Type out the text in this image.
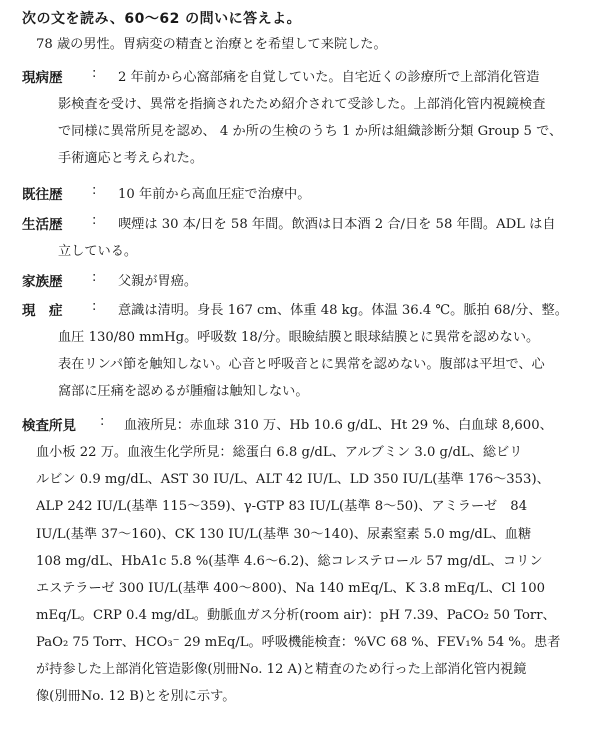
次の文を読み、60〜62 の問いに答えよ。
78 歳の男性。胃病変の精査と治療とを希望して来院した。
現病歴 : 2 年前から心窩部痛を自覚していた。自宅近くの診療所で上部消化管造
影検査を受け、異常を指摘されたため紹介されて受診した。上部消化管内視鏡検査
で同様に異常所見を認め、 4 か所の生検のうち 1 か所は組織診断分類 Group 5 で、
手術適応と考えられた。
既往歴 : 10 年前から高血圧症で治療中。
生活歴 : 喫煙は 30 本/日を 58 年間。飲酒は日本酒 2 合/日を 58 年間。ADL は自
立している。
家族歴 : 父親が胃癌。
現　症 : 意識は清明。身長 167 cm、体重 48 kg。体温 36.4 ℃。脈拍 68/分、整。
血圧 130/80 mmHg。呼吸数 18/分。眼瞼結膜と眼球結膜とに異常を認めない。
表在リンパ節を触知しない。心音と呼吸音とに異常を認めない。腹部は平坦で、心
窩部に圧痛を認めるが腫瘤は触知しない。
検査所見 : 血液所見：赤血球 310 万、Hb 10.6 g/dL、Ht 29 %、白血球 8,600、
血小板 22 万。血液生化学所見：総蛋白 6.8 g/dL、アルブミン 3.0 g/dL、総ビリ
ルビン 0.9 mg/dL、AST 30 IU/L、ALT 42 IU/L、LD 350 IU/L(基準 176〜353)、
ALP 242 IU/L(基準 115〜359)、γ-GTP 83 IU/L(基準 8〜50)、アミラーゼ　84
IU/L(基準 37〜160)、CK 130 IU/L(基準 30〜140)、尿素窒素 5.0 mg/dL、血糖
108 mg/dL、HbA1c 5.8 %(基準 4.6〜6.2)、総コレステロール 57 mg/dL、コリン
エステラーゼ 300 IU/L(基準 400〜800)、Na 140 mEq/L、K 3.8 mEq/L、Cl 100
mEq/L。CRP 0.4 mg/dL。動脈血ガス分析(room air)：pH 7.39、PaCO₂ 50 Torr、
PaO₂ 75 Torr、HCO₃⁻ 29 mEq/L。呼吸機能検査：%VC 68 %、FEV₁% 54 %。患者
が持参した上部消化管造影像(別冊No. 12 A)と精査のため行った上部消化管内視鏡
像(別冊No. 12 B)とを別に示す。
